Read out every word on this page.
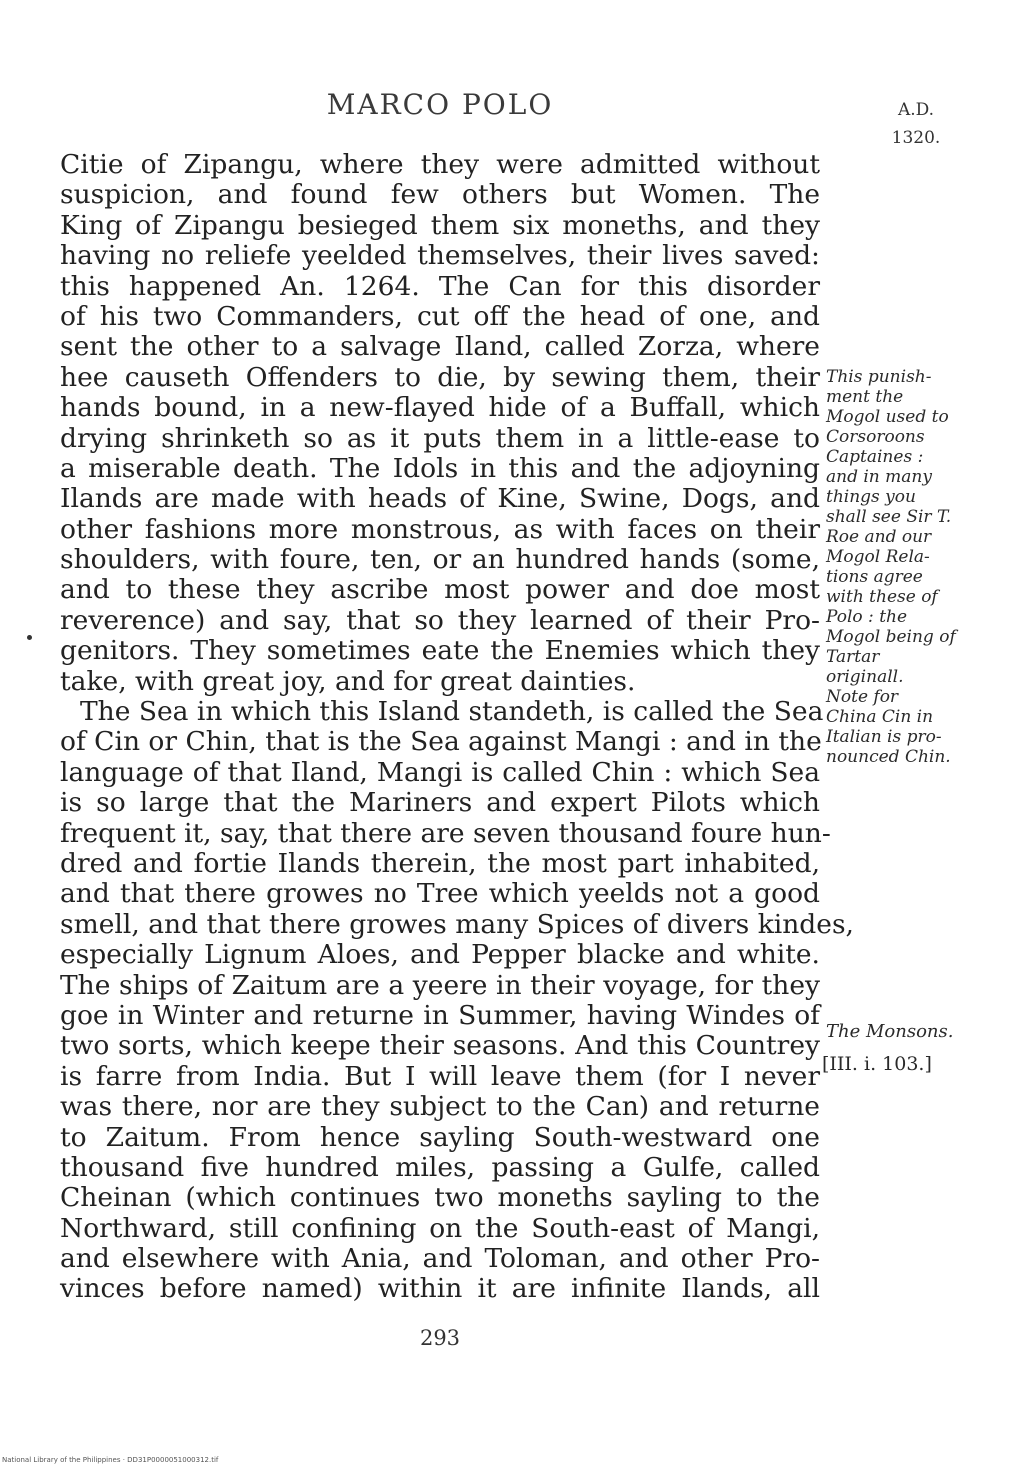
MARCO POLO	A.D.
1320.
Citie of Zipangu, where they were admitted without
suspicion, and found few others but Women. The
King of Zipangu besieged them six moneths, and they
having no reliefe yeelded themselves, their lives saved:
this happened An. 1264. The Can for this disorder
of his two Commanders, cut off the head of one, and
sent the other to a salvage Iland, called Zorza, where
hee causeth Offenders to die, by sewing them, their
hands bound, in a new-flayed hide of a Buffall, which
drying shrinketh so as it puts them in a little-ease to
a miserable death. The Idols in this and the adjoyning
Ilands are made with heads of Kine, Swine, Dogs, and
other fashions more monstrous, as with faces on their
shoulders, with foure, ten, or an hundred hands (some,
and to these they ascribe most power and doe most
reverence) and say, that so they learned of their Pro-
genitors. They sometimes eate the Enemies which they
take, with great joy, and for great dainties.
The Sea in which this Island standeth, is called the Sea
of Cin or Chin, that is the Sea against Mangi : and in the
language of that Iland, Mangi is called Chin : which Sea
is so large that the Mariners and expert Pilots which
frequent it, say, that there are seven thousand foure hun-
dred and fortie Ilands therein, the most part inhabited,
and that there growes no Tree which yeelds not a good
smell, and that there growes many Spices of divers kindes,
especially Lignum Aloes, and Pepper blacke and white.
The ships of Zaitum are a yeere in their voyage, for they
goe in Winter and returne in Summer, having Windes of
two sorts, which keepe their seasons. And this Countrey
is farre from India. But I will leave them (for I never
was there, nor are they subject to the Can) and returne
to Zaitum. From hence sayling South-westward one
thousand five hundred miles, passing a Gulfe, called
Cheinan (which continues two moneths sayling to the
Northward, still confining on the South-east of Mangi,
and elsewhere with Ania, and Toloman, and other Pro-
vinces before named) within it are infinite Ilands, all
This punish-
ment the
Mogol used to
Corsoroons
Captaines :
and in many
things you
shall see Sir T.
Roe and our
Mogol Rela-
tions agree
with these of
Polo : the
Mogol being of
Tartar
originall.
Note for
China Cin in
Italian is pro-
nounced Chin.
The Monsons.
[III. i. 103.]
293
National Library of the Philippines · DD31P0000051000312.tif
